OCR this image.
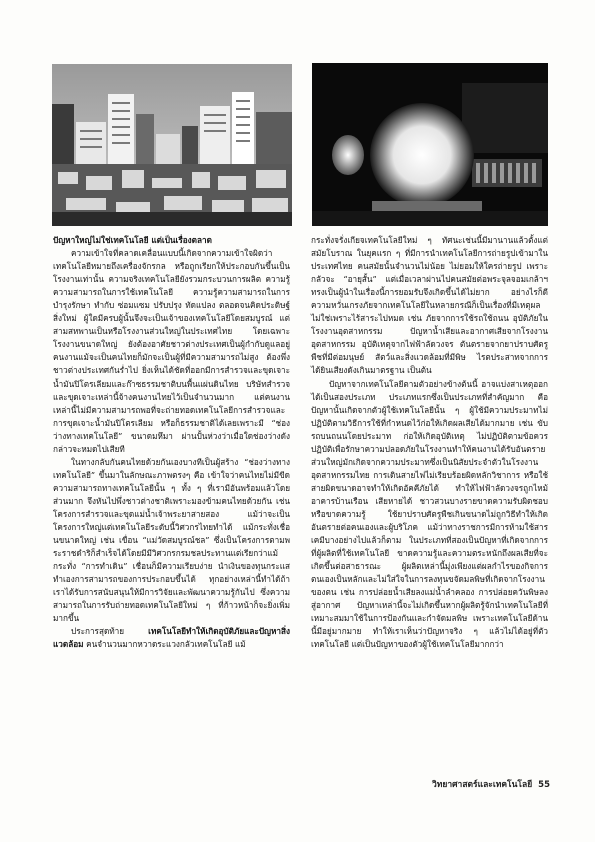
ปัญหาใหญ่ไม่ใช่เทคโนโลยี แต่เป็นเรื่องตลาด

ความเข้าใจที่คลาดเคลื่อนแบบนี้เกิดจากความเข้าใจผิดว่าเทคโนโลยีหมายถึงเครื่องจักรกล หรือถูกเรียกให้ประกอบกันขึ้นเป็นโรงงานเท่านั้น ความจริงเทคโนโลยียังรวมกระบวนการผลิต ความรู้ความสามารถในการใช้เทคโนโลยี ความรู้ความสามารถในการบำรุงรักษา ทำกับ ซ่อมแซม ปรับปรุง ทัดแปลง ตลอดจนคิดประดิษฐ์สิ่งใหม่ ผู้ใดมีครบผู้นั้นจึงจะเป็นเจ้าของเทคโนโลยีโดยสมบูรณ์ แต่สามสหพานเป็นหรือโรงงานส่วนใหญ่ในประเทศไทย โดยเฉพาะโรงงานขนาดใหญ่ ยังต้องอาศัยชาวต่างประเทศเป็นผู้กำกับดูแลอยู่ คนงานแม้จะเป็นคนไทยก็มักจะเป็นผู้ที่มีความสามารถไม่สูง ต้องพึ่งชาวต่างประเทศกันร่ำไป ยิ่งเห็นได้ชัดที่ออกมีการสำรวจและขุดเจาะน้ำมันปิโตรเลียมและก๊าซธรรมชาติบนพื้นแผ่นดินไทย บริษัทสำรวจและขุดเจาะเหล่านี้จ้างคนงานไทยไว้เป็นจำนวนมาก แต่คนงานเหล่านี้ไม่มีความสามารถพอที่จะถ่ายทอดเทคโนโลยีการสำรวจและการขุดเจาะน้ำมันปิโตรเลียม หรือก็ธรรมชาติได้เลยเพราะมี “ช่องว่างทางเทคโนโลยี” ขนาดมหึมา ผ่านปั้นห่วงว่าเมื่อใดช่องว่างดังกล่าวจะหมดไปเสียที

ในทางกลับกันคนไทยด้วยกันเองบางทีเป็นผู้สร้าง “ช่องว่างทางเทคโนโลยี” ขึ้นมาในลักษณะภาพตรงๆ คือ เข้าใจว่าคนไทยไม่มีขีดความสามารถทางเทคโนโลยีนั้น ๆ ทั้ง ๆ ที่เรามีอันพร้อมแล้วโดยส่วนมาก จึงหันไปพึ่งชาวต่างชาติเพราะมองข้ามคนไทยด้วยกัน เช่น โครงการสำรวจและขุดแม่น้ำเจ้าพระยาสายสอง แม้ว่าจะเป็นโครงการใหญ่แต่เทคโนโลยีระดับนี้วิศวกรไทยทำได้ แม้กระทั่งเชื่อนขนาดใหญ่ เช่น เขื่อน “แม่วัดสมบูรณ์ชล” ซึ่งเป็นโครงการตามพระราชดำริก็สำเร็จได้โดยมีมีวิศวกรกรมชลประทานแต่เรียกว่าแม้กระทั่ง “การทำเดิน” เชื่อนก็มีความเรียบง่าย นำเงินของทุนกระแสทำเองการสามารถของการประกอบขึ้นได้ ทุกอย่างเหล่านี้ทำได้ถ้าเราได้รับการสนับสนุนให้มีการวิจัยและพัฒนาความรู้กันไป ซึ่งความสามารถในการรับถ่ายทอดเทคโนโลยีใหม่ ๆ ที่ก้าวหน้าก็จะยิ่งเพิ่มมากขึ้น

ประการสุดท้าย	เทคโนโลยีทำให้เกิดอุบัติภัยและปัญหาสิ่งแวดล้อม คนจำนวนมากหวาดระแวงกลัวเทคโนโลยี แม้

กระทั่งจรั่งเกียจเทคโนโลยีใหม่ ๆ ทัศนะเช่นนี้มีมานานแล้วตั้งแต่สมัยโบราณ ในยุคแรก ๆ ที่มีการนำเทคโนโลยีการถ่ายรูปเข้ามาในประเทศไทย คนสมัยนั้นจำนวนไม่น้อย ไม่ยอมให้ใครถ่ายรูป เพราะกลัวจะ “อายุสั้น” แต่เมื่อเวลาผ่านไปคนสมัยต่อพระจุลจอมเกล้าฯ ทรงเป็นผู้นำในเรื่องนี้การยอมรับจึงเกิดขึ้นได้ไม่ยาก อย่างไรก็ดีความหวั่นเกรงภัยจากเทคโนโลยีในหลายกรณีก็เป็นเรื่องที่มีเหตุผลไม่ใช่เพราะไร้สาระไปหมด เช่น ภัยจากการใช้รถใช้ถนน อุบัติภัยในโรงงานอุตสาหกรรม ปัญหาน้ำเสียและอากาศเสียจากโรงงานอุตสาหกรรม อุบัติเหตุจากไฟฟ้าลัดวงจร ตันตรายจากยาปราบศัตรูพืชที่มีต่อมนุษย์ สัตว์และสิ่งแวดล้อมที่มีพิษ ไรตประสาทจากการได้ยินเสียงดังเกินมาตรฐาน เป็นต้น

ปัญหาจากเทคโนโลยีตามตัวอย่างข้างต้นนี้ อาจแบ่งสาเหตุออกได้เป็นสองประเภท ประเภทแรกซึ่งเป็นประเภทที่สำคัญมาก คือปัญหานั้นเกิดจากตัวผู้ใช้เทคโนโลยีนั้น ๆ ผู้ใช้มีความประมาทไม่ปฏิบัติตามวิธีการใช้ที่กำหนดไว้ก่อให้เกิดผลเสียได้มากมาย เช่น ขับรถบนถนนโดยประมาท ก่อให้เกิดอุบัติเหตุ ไม่ปฏิบัติตามข้อควรปฏิบัติเพื่อรักษาความปลอดภัยในโรงงานทำให้คนงานได้รับอันตราย ส่วนใหญ่มักเกิดจากความประมาทซึ่งเป็นนิสัยประจำตัวในโรงงานอุตสาหกรรมไทย การเดินสายไฟไม่เรียบร้อยผิดหลักวิชาการ หรือใช้สายผิดขนาดอาจทำให้เกิดอัคคีภัยได้ ทำให้ไฟฟ้าลัดวงจรถูกไหม้อาคารบ้านเรือน เสียหายได้ ชาวสวนบางรายขาดความรับผิดชอบหรือขาดความรู้ ใช้ยาปราบศัตรูพืชเกินขนาดไม่ถูกวิธีทำให้เกิดอันตรายต่อคนเองและผู้บริโภค แม้ว่าทางราชการมีการห้ามใช้สารเคมีบางอย่างไปแล้วก็ตาม ในประเภทที่สองเป็นปัญหาที่เกิดจากการที่ผู้ผลิตที่ใช้เทคโนโลยี ขาดความรู้และความตระหนักถึงผลเสียที่จะเกิดขึ้นต่อสาธารณะ ผู้ผลิตเหล่านี้มุ่งเพียงแต่ผลกำไรของกิจการตนเองเป็นหลักและไม่ใส่ใจในการลงทุนขจัดมลพิษที่เกิดจากโรงงานของตน เช่น การปล่อยน้ำเสียลงแม่น้ำลำคลอง การปล่อยควันพิษลงสู่อากาศ ปัญหาเหล่านี้จะไม่เกิดขึ้นหากผู้ผลิตรู้จักนำเทคโนโลยีที่เหมาะสมมาใช้ในการป้องกันและกำจัดมลพิษ เพราะเทคโนโลยีด้านนี้มีอยู่มากมาย ทำให้เราเห็นว่าปัญหาจริง ๆ แล้วไม่ได้อยู่ที่ตัวเทคโนโลยี แต่เป็นปัญหาของตัวผู้ใช้เทคโนโลยีมากกว่า

วิทยาศาสตร์และเทคโนโลยี 55
